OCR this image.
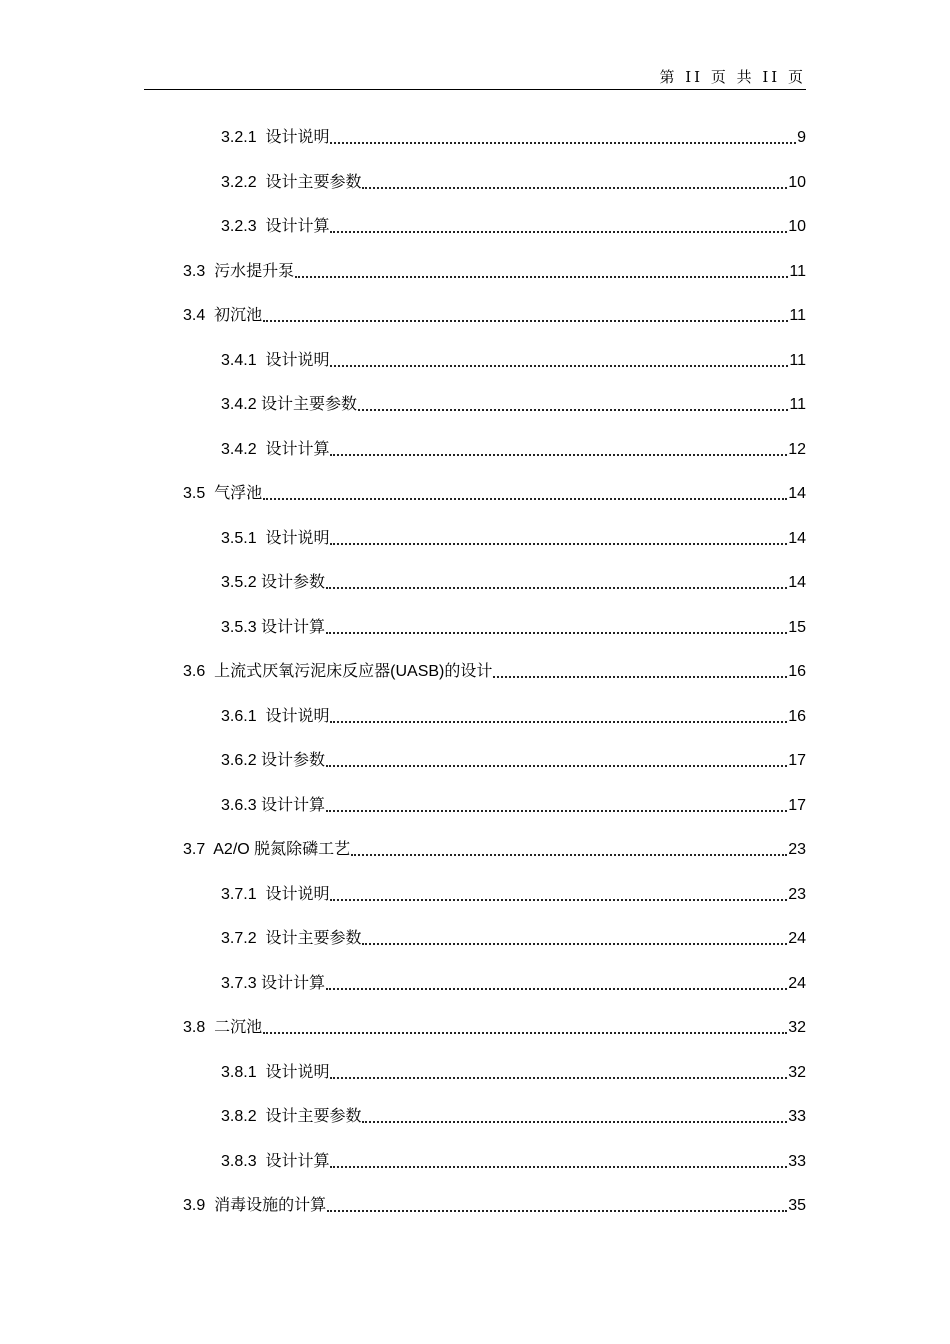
第 II 页 共 II 页
3.2.1  设计说明	9
3.2.2  设计主要参数	10
3.2.3  设计计算	10
3.3  污水提升泵	11
3.4  初沉池	11
3.4.1  设计说明	11
3.4.2 设计主要参数	11
3.4.2  设计计算	12
3.5  气浮池	14
3.5.1  设计说明	14
3.5.2 设计参数	14
3.5.3 设计计算	15
3.6  上流式厌氧污泥床反应器(UASB)的设计	16
3.6.1  设计说明	16
3.6.2 设计参数	17
3.6.3 设计计算	17
3.7  A2/O 脱氮除磷工艺	23
3.7.1  设计说明	23
3.7.2  设计主要参数	24
3.7.3 设计计算	24
3.8  二沉池	32
3.8.1  设计说明	32
3.8.2  设计主要参数	33
3.8.3  设计计算	33
3.9  消毒设施的计算	35
